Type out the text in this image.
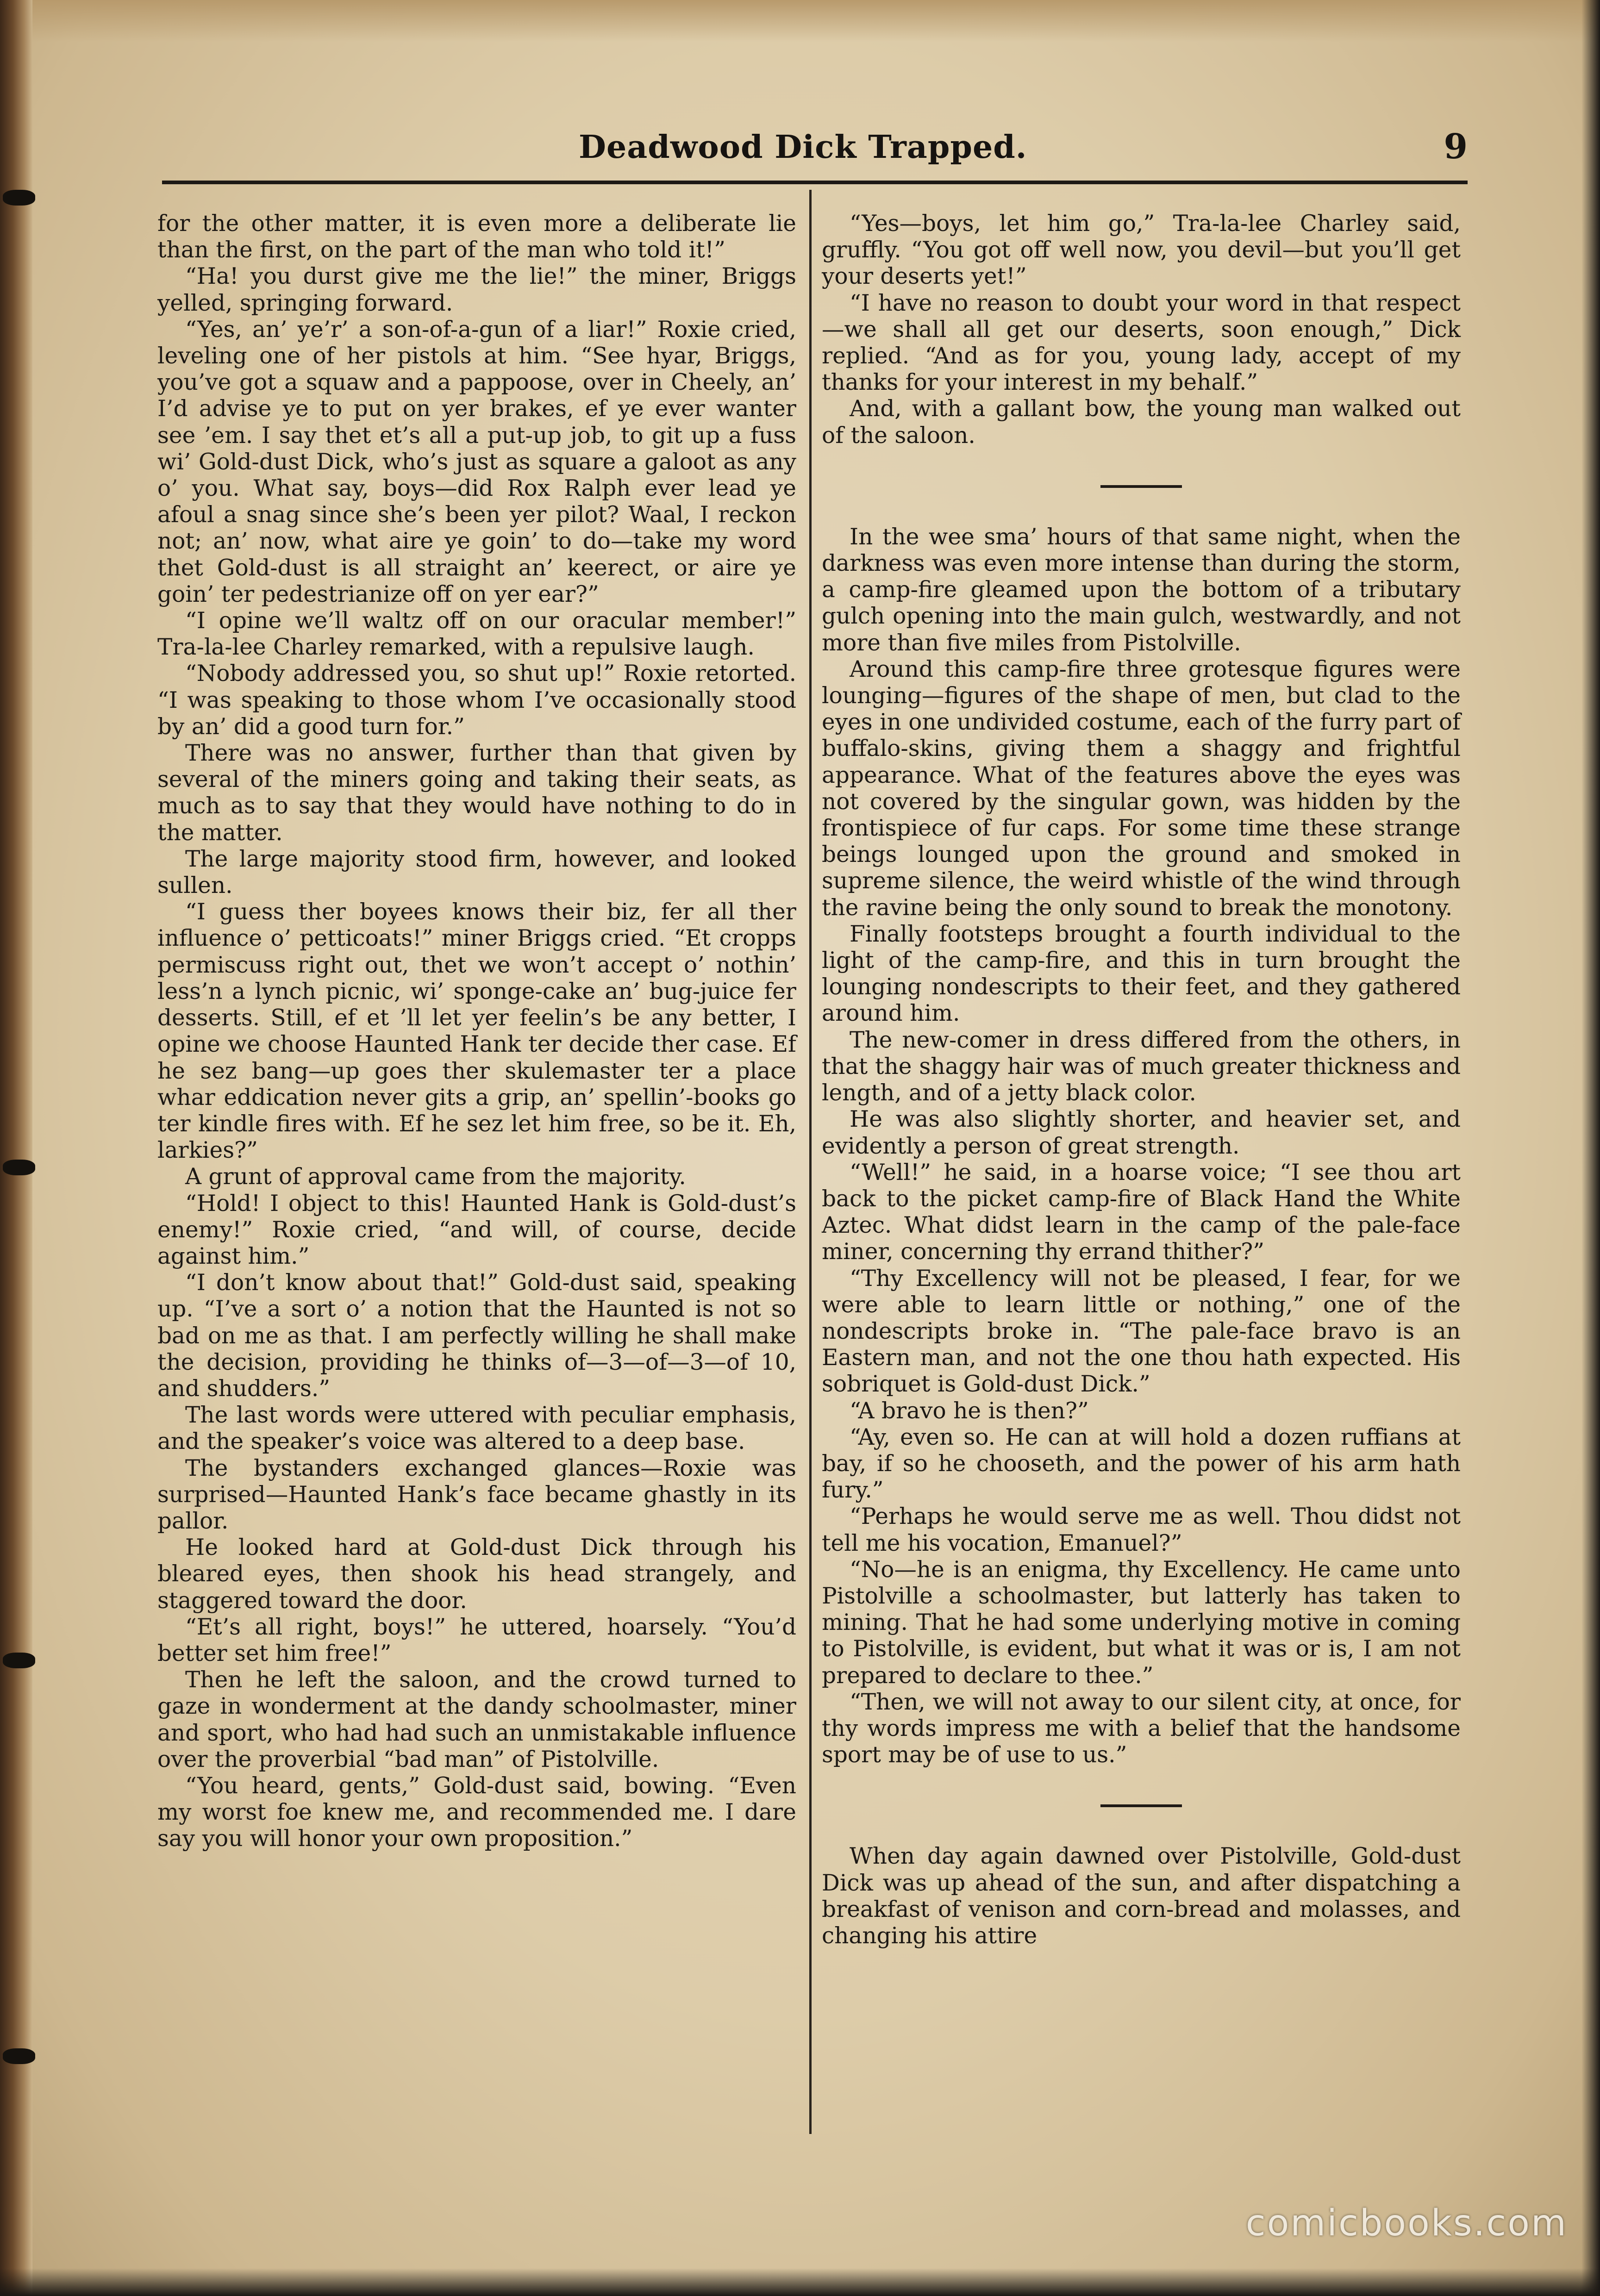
Deadwood Dick Trapped.	9

for the other matter, it is even more a deliberate lie than the first, on the part of the man who told it!”

“Ha! you durst give me the lie!” the miner, Briggs yelled, springing forward.

“Yes, an’ ye’r’ a son-of-a-gun of a liar!” Roxie cried, leveling one of her pistols at him. “See hyar, Briggs, you’ve got a squaw and a pappoose, over in Cheely, an’ I’d advise ye to put on yer brakes, ef ye ever wanter see ’em. I say thet et’s all a put-up job, to git up a fuss wi’ Gold-dust Dick, who’s just as square a galoot as any o’ you. What say, boys—did Rox Ralph ever lead ye afoul a snag since she’s been yer pilot? Waal, I reckon not; an’ now, what aire ye goin’ to do—take my word thet Gold-dust is all straight an’ keerect, or aire ye goin’ ter pedestrianize off on yer ear?”

“I opine we’ll waltz off on our oracular member!” Tra-la-lee Charley remarked, with a repulsive laugh.

“Nobody addressed you, so shut up!” Roxie retorted. “I was speaking to those whom I’ve occasionally stood by an’ did a good turn for.”

There was no answer, further than that given by several of the miners going and taking their seats, as much as to say that they would have nothing to do in the matter.

The large majority stood firm, however, and looked sullen.

“I guess ther boyees knows their biz, fer all ther influence o’ petticoats!” miner Briggs cried. “Et cropps permiscuss right out, thet we won’t accept o’ nothin’ less’n a lynch picnic, wi’ sponge-cake an’ bug-juice fer desserts. Still, ef et ’ll let yer feelin’s be any better, I opine we choose Haunted Hank ter decide ther case. Ef he sez bang—up goes ther skulemaster ter a place whar eddication never gits a grip, an’ spellin’-books go ter kindle fires with. Ef he sez let him free, so be it. Eh, larkies?”

A grunt of approval came from the majority.

“Hold! I object to this! Haunted Hank is Gold-dust’s enemy!” Roxie cried, “and will, of course, decide against him.”

“I don’t know about that!” Gold-dust said, speaking up. “I’ve a sort o’ a notion that the Haunted is not so bad on me as that. I am perfectly willing he shall make the decision, providing he thinks of—3—of—3—of 10, and shudders.”

The last words were uttered with peculiar emphasis, and the speaker’s voice was altered to a deep base.

The bystanders exchanged glances—Roxie was surprised—Haunted Hank’s face became ghastly in its pallor.

He looked hard at Gold-dust Dick through his bleared eyes, then shook his head strangely, and staggered toward the door.

“Et’s all right, boys!” he uttered, hoarsely. “You’d better set him free!”

Then he left the saloon, and the crowd turned to gaze in wonderment at the dandy schoolmaster, miner and sport, who had had such an unmistakable influence over the proverbial “bad man” of Pistolville.

“You heard, gents,” Gold-dust said, bowing. “Even my worst foe knew me, and recommended me. I dare say you will honor your own proposition.”

“Yes—boys, let him go,” Tra-la-lee Charley said, gruffly. “You got off well now, you devil—but you’ll get your deserts yet!”

“I have no reason to doubt your word in that respect—we shall all get our deserts, soon enough,” Dick replied. “And as for you, young lady, accept of my thanks for your interest in my behalf.”

And, with a gallant bow, the young man walked out of the saloon.

In the wee sma’ hours of that same night, when the darkness was even more intense than during the storm, a camp-fire gleamed upon the bottom of a tributary gulch opening into the main gulch, westwardly, and not more than five miles from Pistolville.

Around this camp-fire three grotesque figures were lounging—figures of the shape of men, but clad to the eyes in one undivided costume, each of the furry part of buffalo-skins, giving them a shaggy and frightful appearance. What of the features above the eyes was not covered by the singular gown, was hidden by the frontispiece of fur caps. For some time these strange beings lounged upon the ground and smoked in supreme silence, the weird whistle of the wind through the ravine being the only sound to break the monotony.

Finally footsteps brought a fourth individual to the light of the camp-fire, and this in turn brought the lounging nondescripts to their feet, and they gathered around him.

The new-comer in dress differed from the others, in that the shaggy hair was of much greater thickness and length, and of a jetty black color.

He was also slightly shorter, and heavier set, and evidently a person of great strength.

“Well!” he said, in a hoarse voice; “I see thou art back to the picket camp-fire of Black Hand the White Aztec. What didst learn in the camp of the pale-face miner, concerning thy errand thither?”

“Thy Excellency will not be pleased, I fear, for we were able to learn little or nothing,” one of the nondescripts broke in. “The pale-face bravo is an Eastern man, and not the one thou hath expected. His sobriquet is Gold-dust Dick.”

“A bravo he is then?”

“Ay, even so. He can at will hold a dozen ruffians at bay, if so he chooseth, and the power of his arm hath fury.”

“Perhaps he would serve me as well. Thou didst not tell me his vocation, Emanuel?”

“No—he is an enigma, thy Excellency. He came unto Pistolville a schoolmaster, but latterly has taken to mining. That he had some underlying motive in coming to Pistolville, is evident, but what it was or is, I am not prepared to declare to thee.”

“Then, we will not away to our silent city, at once, for thy words impress me with a belief that the handsome sport may be of use to us.”

When day again dawned over Pistolville, Gold-dust Dick was up ahead of the sun, and after dispatching a breakfast of venison and corn-bread and molasses, and changing his attire

comicbooks.com
